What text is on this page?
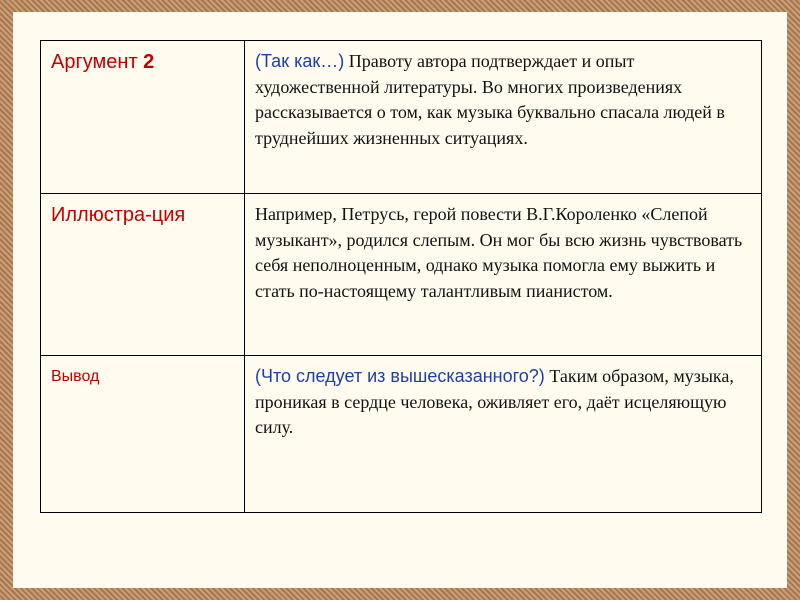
Аргумент 2	(Так как…) Правоту автора подтверждает и опыт художественной литературы. Во многих произведениях рассказывается о том, как музыка буквально спасала людей в труднейших жизненных ситуациях.
Иллюстра-ция	Например, Петрусь, герой повести В.Г.Короленко «Слепой музыкант», родился слепым. Он мог бы всю жизнь чувствовать себя неполноценным, однако музыка помогла ему выжить и стать по-настоящему талантливым пианистом.
Вывод	(Что следует из вышесказанного?) Таким образом, музыка, проникая в сердце человека, оживляет его, даёт исцеляющую силу.
